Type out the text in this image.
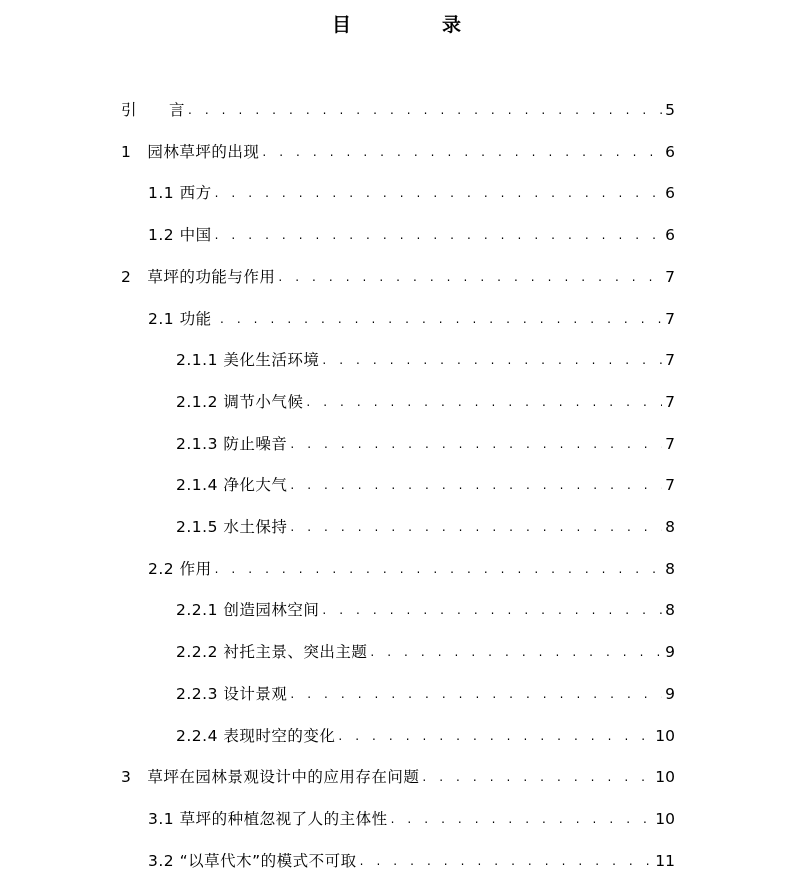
目　录
引　　言 . . .	5
1　园林草坪的出现 . . .	6
1.1 西方 . . .	6
1.2 中国 . . .	6
2　草坪的功能与作用 . . .	7
2.1 功能 . . .	7
2.1.1 美化生活环境 . . .	7
2.1.2 调节小气候 . . .	7
2.1.3 防止噪音 . . .	7
2.1.4 净化大气 . . .	7
2.1.5 水土保持 . . .	8
2.2 作用 . . .	8
2.2.1 创造园林空间 . . .	8
2.2.2 衬托主景、突出主题 . . .	9
2.2.3 设计景观 . . .	9
2.2.4 表现时空的变化 . . .	10
3　草坪在园林景观设计中的应用存在问题 . . .	10
3.1 草坪的种植忽视了人的主体性 . . .	10
3.2 “以草代木”的模式不可取 . . .	11
